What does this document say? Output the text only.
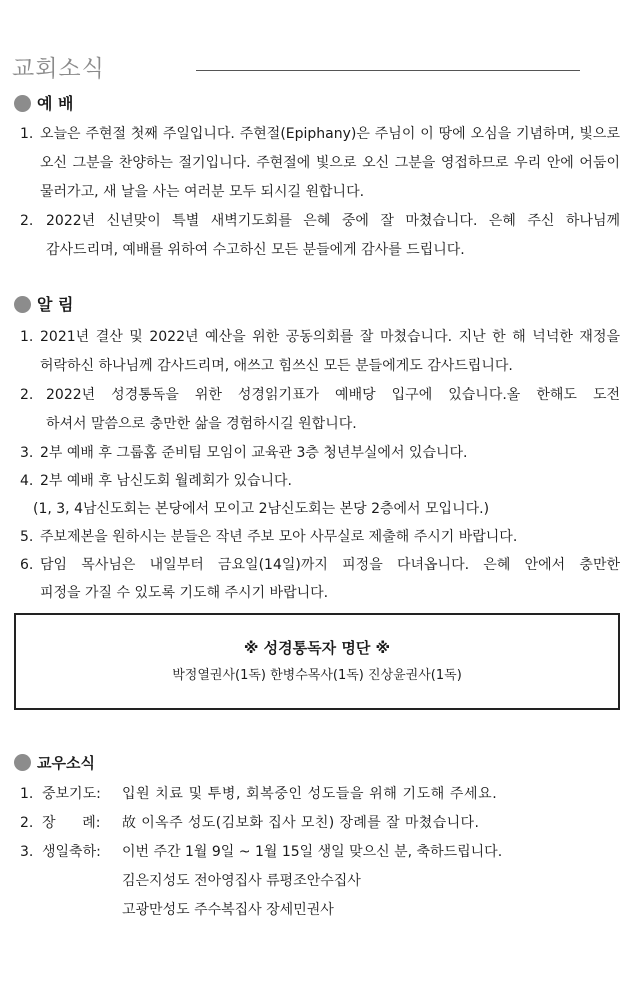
교회소식
예 배
1. 오늘은 주현절 첫째 주일입니다. 주현절(Epiphany)은 주님이 이 땅에 오심을 기념하며, 빛으로
오신 그분을 찬양하는 절기입니다. 주현절에 빛으로 오신 그분을 영접하므로 우리 안에 어둠이
물러가고, 새 날을 사는 여러분 모두 되시길 원합니다.
2. 2022년 신년맞이 특별 새벽기도회를 은혜 중에 잘 마쳤습니다. 은혜 주신 하나님께
감사드리며, 예배를 위하여 수고하신 모든 분들에게 감사를 드립니다.
알 림
1. 2021년 결산 및 2022년 예산을 위한 공동의회를 잘 마쳤습니다. 지난 한 해 넉넉한 재정을
허락하신 하나님께 감사드리며, 애쓰고 힘쓰신 모든 분들에게도 감사드립니다.
2. 2022년 성경통독을 위한 성경읽기표가 예배당 입구에 있습니다.올 한해도 도전
하셔서 말씀으로 충만한 삶을 경험하시길 원합니다.
3. 2부 예배 후 그룹홈 준비팀 모임이 교육관 3층 청년부실에서 있습니다.
4. 2부 예배 후 남신도회 월례회가 있습니다.
(1, 3, 4남신도회는 본당에서 모이고 2남신도회는 본당 2층에서 모입니다.)
5. 주보제본을 원하시는 분들은 작년 주보 모아 사무실로 제출해 주시기 바랍니다.
6. 담임 목사님은 내일부터 금요일(14일)까지 피정을 다녀옵니다. 은혜 안에서 충만한
피정을 가질 수 있도록 기도해 주시기 바랍니다.
※ 성경통독자 명단 ※
박정열권사(1독) 한병수목사(1독) 진상윤권사(1독)
교우소식
1. 중보기도: 입원 치료 및 투병, 회복중인 성도들을 위해 기도해 주세요.
2. 장      례: 故 이옥주 성도(김보화 집사 모친) 장례를 잘 마쳤습니다.
3. 생일축하: 이번 주간 1월 9일 ~ 1월 15일 생일 맞으신 분, 축하드립니다.
김은지성도 전아영집사 류평조안수집사
고광만성도 주수복집사 장세민권사
